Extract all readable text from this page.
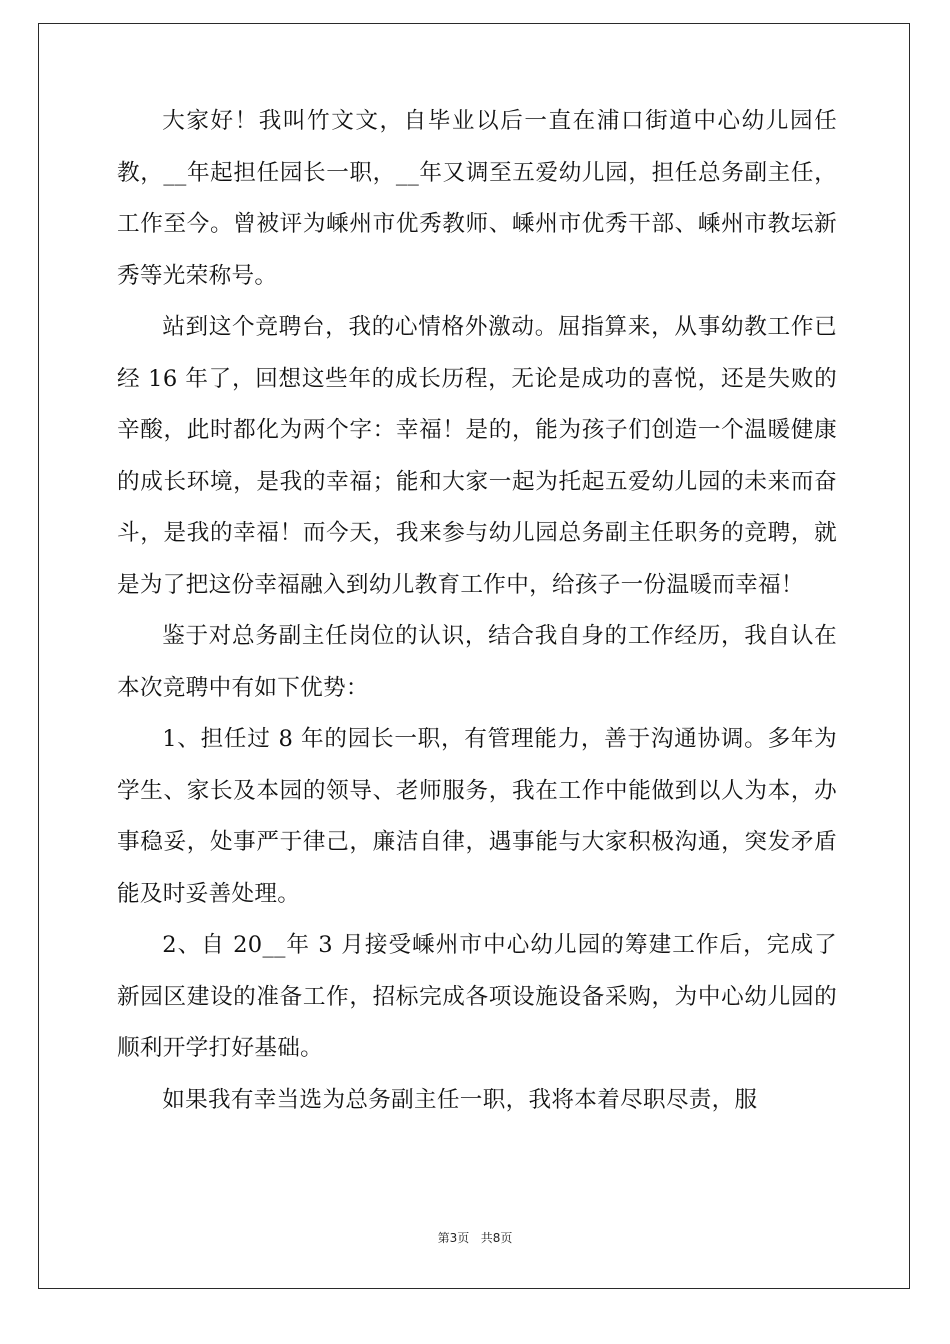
大家好！我叫竹文文，自毕业以后一直在浦口街道中心幼儿园任教，__年起担任园长一职，__年又调至五爱幼儿园，担任总务副主任，工作至今。曾被评为嵊州市优秀教师、嵊州市优秀干部、嵊州市教坛新秀等光荣称号。

站到这个竞聘台，我的心情格外激动。屈指算来，从事幼教工作已经 16 年了，回想这些年的成长历程，无论是成功的喜悦，还是失败的辛酸，此时都化为两个字：幸福！是的，能为孩子们创造一个温暖健康的成长环境，是我的幸福；能和大家一起为托起五爱幼儿园的未来而奋斗，是我的幸福！而今天，我来参与幼儿园总务副主任职务的竞聘，就是为了把这份幸福融入到幼儿教育工作中，给孩子一份温暖而幸福！

鉴于对总务副主任岗位的认识，结合我自身的工作经历，我自认在本次竞聘中有如下优势：

1、担任过 8 年的园长一职，有管理能力，善于沟通协调。多年为学生、家长及本园的领导、老师服务，我在工作中能做到以人为本，办事稳妥，处事严于律己，廉洁自律，遇事能与大家积极沟通，突发矛盾能及时妥善处理。

2、自 20__年 3 月接受嵊州市中心幼儿园的筹建工作后，完成了新园区建设的准备工作，招标完成各项设施设备采购，为中心幼儿园的顺利开学打好基础。

如果我有幸当选为总务副主任一职，我将本着尽职尽责，服

第3页 共8页
